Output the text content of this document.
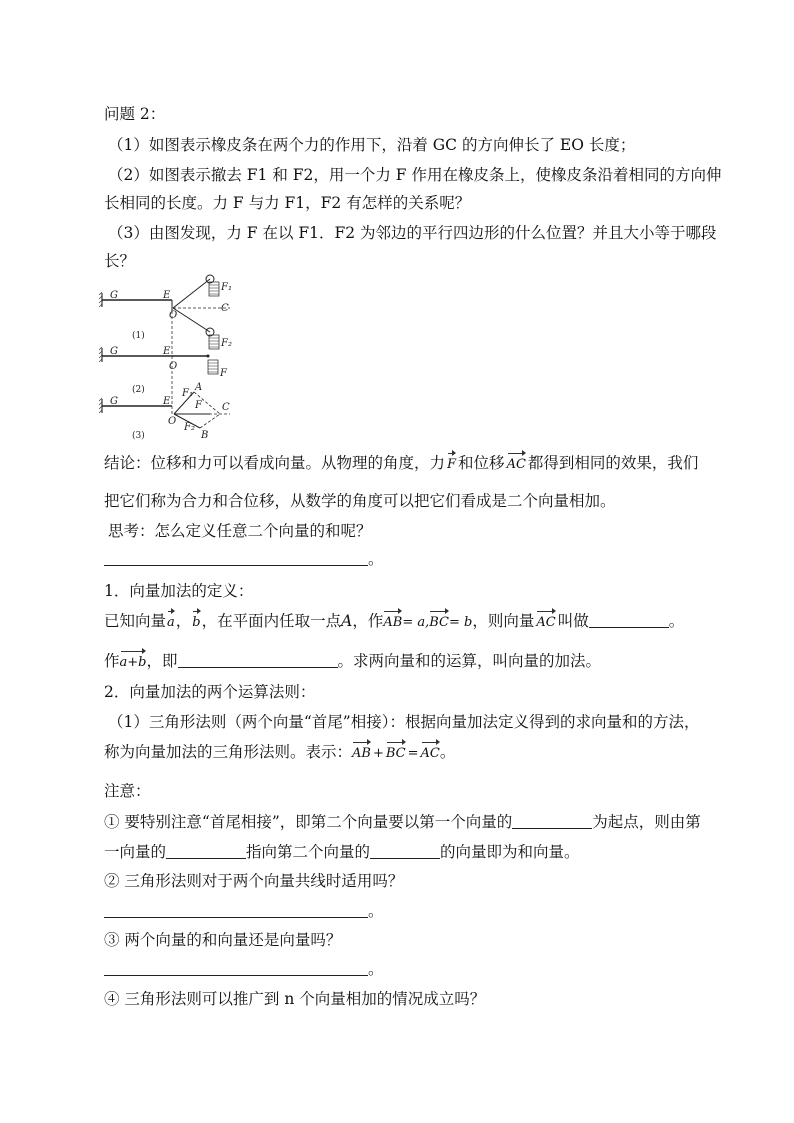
问题 2：
（1）如图表示橡皮条在两个力的作用下，沿着 GC 的方向伸长了 EO 长度；
（2）如图表示撤去 F1 和 F2，用一个力 F 作用在橡皮条上，使橡皮条沿着相同的方向伸
长相同的长度。力 F 与力 F1，F2 有怎样的关系呢？
（3）由图发现，力 F 在以 F1．F2 为邻边的平行四边形的什么位置？并且大小等于哪段
长？
G	E
O
C
F₁
F₂
(1)
G	E
O
F
(2)
G	E
O
A
F₁
F C
F₂
B
(3)
结论：位移和力可以看成向量。从物理的角度，力 F 和位移 AC 都得到相同的效果，我们
把它们称为合力和合位移，从数学的角度可以把它们看成是二个向量相加。
思考：怎么定义任意二个向量的和呢？
。
1．向量加法的定义：
已知向量a，b，在平面内任取一点A，作AB= a,BC= b，则向量 AC 叫做	。
作a+b，即	。求两向量和的运算，叫向量的加法。
2．向量加法的两个运算法则：
（1）三角形法则（两个向量“首尾”相接）：根据向量加法定义得到的求向量和的方法，
称为向量加法的三角形法则。表示：AB + BC = AC。
注意：
① 要特别注意“首尾相接”，即第二个向量要以第一个向量的	为起点，则由第
一向量的	指向第二个向量的	的向量即为和向量。
② 三角形法则对于两个向量共线时适用吗？
。
③ 两个向量的和向量还是向量吗？
。
④ 三角形法则可以推广到 n 个向量相加的情况成立吗？
